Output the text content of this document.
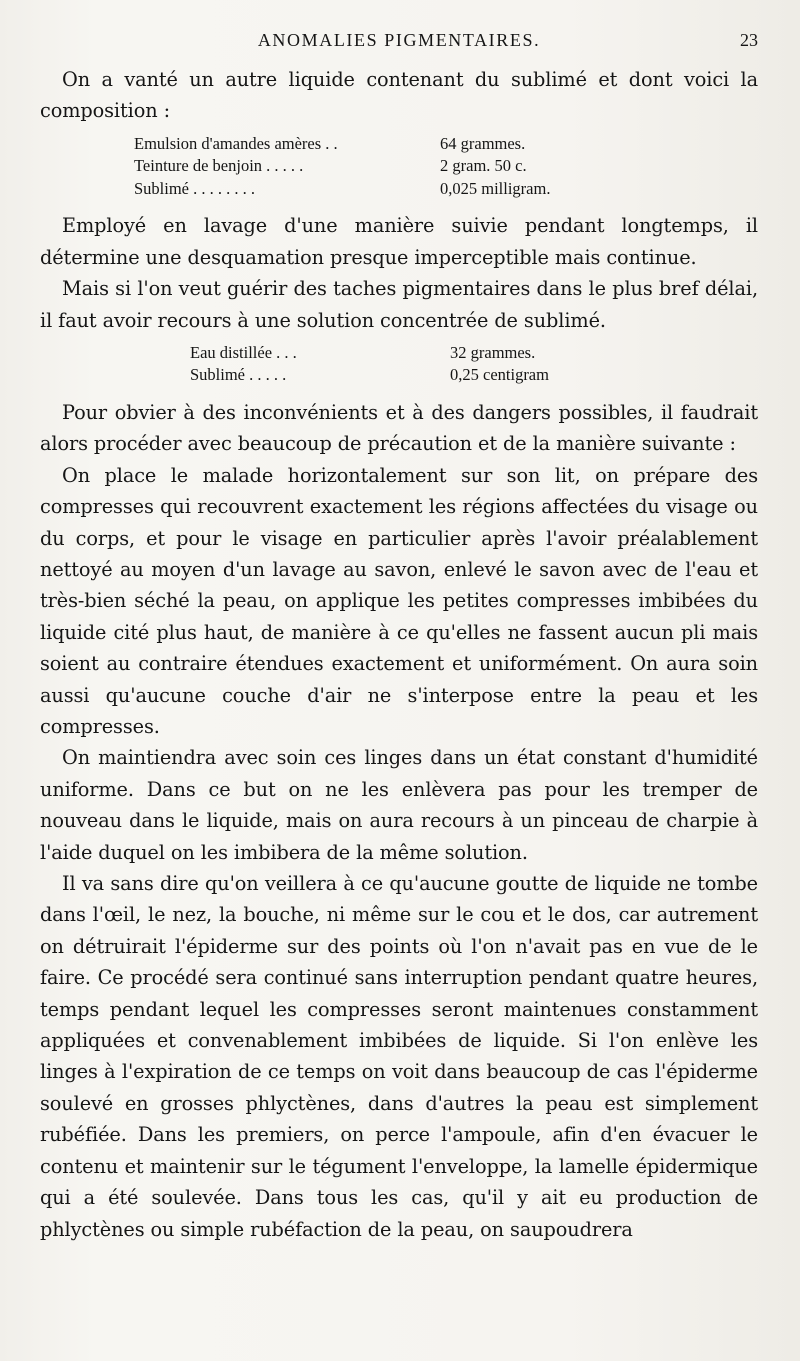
ANOMALIES PIGMENTAIRES.	23

On a vanté un autre liquide contenant du sublimé et dont voici la composition :

Emulsion d'amandes amères . .	64 grammes.
Teinture de benjoin . . . . .	2 gram. 50 c.
Sublimé . . . . . . . .	0,025 milligram.

Employé en lavage d'une manière suivie pendant longtemps, il détermine une desquamation presque imperceptible mais continue.

Mais si l'on veut guérir des taches pigmentaires dans le plus bref délai, il faut avoir recours à une solution concentrée de sublimé.

Eau distillée . . .	32 grammes.
Sublimé . . . . .	0,25 centigram

Pour obvier à des inconvénients et à des dangers possibles, il faudrait alors procéder avec beaucoup de précaution et de la manière suivante :

On place le malade horizontalement sur son lit, on prépare des compresses qui recouvrent exactement les régions affectées du visage ou du corps, et pour le visage en particulier après l'avoir préalablement nettoyé au moyen d'un lavage au savon, enlevé le savon avec de l'eau et très-bien séché la peau, on applique les petites compresses imbibées du liquide cité plus haut, de manière à ce qu'elles ne fassent aucun pli mais soient au contraire étendues exactement et uniformément. On aura soin aussi qu'aucune couche d'air ne s'interpose entre la peau et les compresses.

On maintiendra avec soin ces linges dans un état constant d'humidité uniforme. Dans ce but on ne les enlèvera pas pour les tremper de nouveau dans le liquide, mais on aura recours à un pinceau de charpie à l'aide duquel on les imbibera de la même solution.

Il va sans dire qu'on veillera à ce qu'aucune goutte de liquide ne tombe dans l'œil, le nez, la bouche, ni même sur le cou et le dos, car autrement on détruirait l'épiderme sur des points où l'on n'avait pas en vue de le faire. Ce procédé sera continué sans interruption pendant quatre heures, temps pendant lequel les compresses seront maintenues constamment appliquées et convenablement imbibées de liquide. Si l'on enlève les linges à l'expiration de ce temps on voit dans beaucoup de cas l'épiderme soulevé en grosses phlyctènes, dans d'autres la peau est simplement rubéfiée. Dans les premiers, on perce l'ampoule, afin d'en évacuer le contenu et maintenir sur le tégument l'enveloppe, la lamelle épidermique qui a été soulevée. Dans tous les cas, qu'il y ait eu production de phlyctènes ou simple rubéfaction de la peau, on saupoudrera
